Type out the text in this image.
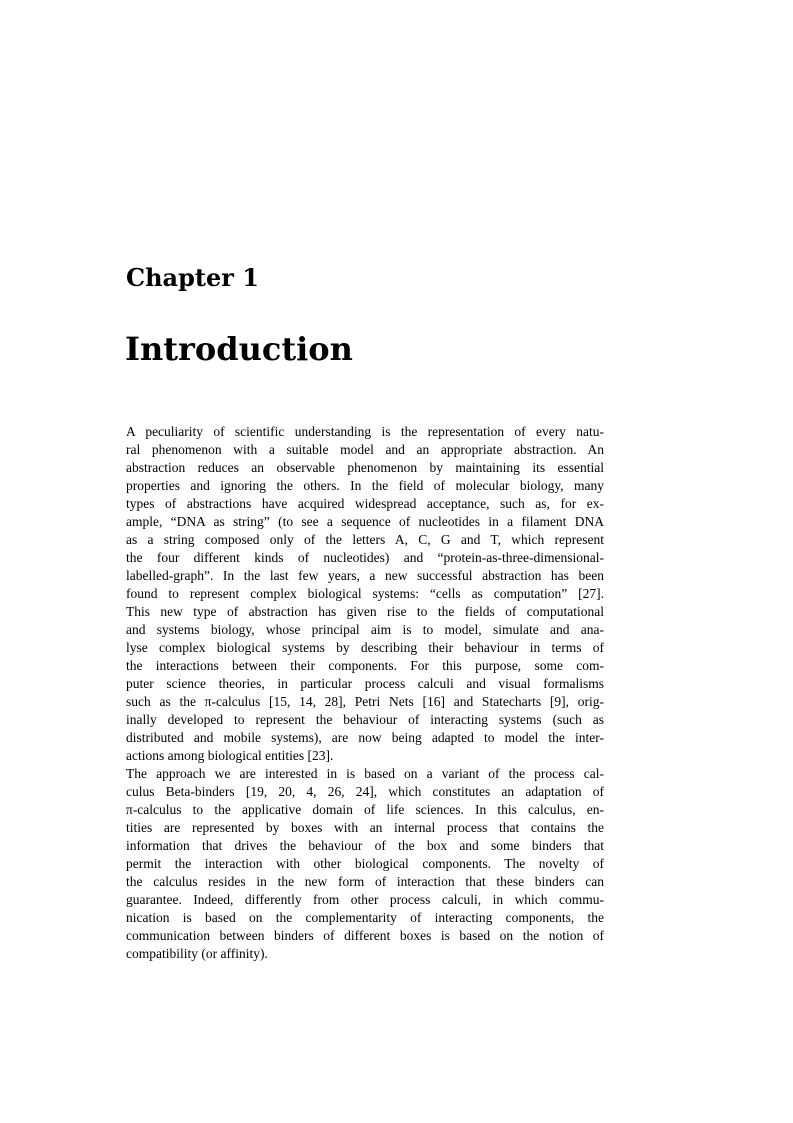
Chapter 1
Introduction
A peculiarity of scientific understanding is the representation of every natu-
ral phenomenon with a suitable model and an appropriate abstraction. An
abstraction reduces an observable phenomenon by maintaining its essential
properties and ignoring the others. In the field of molecular biology, many
types of abstractions have acquired widespread acceptance, such as, for ex-
ample, “DNA as string” (to see a sequence of nucleotides in a filament DNA
as a string composed only of the letters A, C, G and T, which represent
the four different kinds of nucleotides) and “protein-as-three-dimensional-
labelled-graph”. In the last few years, a new successful abstraction has been
found to represent complex biological systems: “cells as computation” [27].
This new type of abstraction has given rise to the fields of computational
and systems biology, whose principal aim is to model, simulate and ana-
lyse complex biological systems by describing their behaviour in terms of
the interactions between their components. For this purpose, some com-
puter science theories, in particular process calculi and visual formalisms
such as the π-calculus [15, 14, 28], Petri Nets [16] and Statecharts [9], orig-
inally developed to represent the behaviour of interacting systems (such as
distributed and mobile systems), are now being adapted to model the inter-
actions among biological entities [23].
The approach we are interested in is based on a variant of the process cal-
culus Beta-binders [19, 20, 4, 26, 24], which constitutes an adaptation of
π-calculus to the applicative domain of life sciences. In this calculus, en-
tities are represented by boxes with an internal process that contains the
information that drives the behaviour of the box and some binders that
permit the interaction with other biological components. The novelty of
the calculus resides in the new form of interaction that these binders can
guarantee. Indeed, differently from other process calculi, in which commu-
nication is based on the complementarity of interacting components, the
communication between binders of different boxes is based on the notion of
compatibility (or affinity).
